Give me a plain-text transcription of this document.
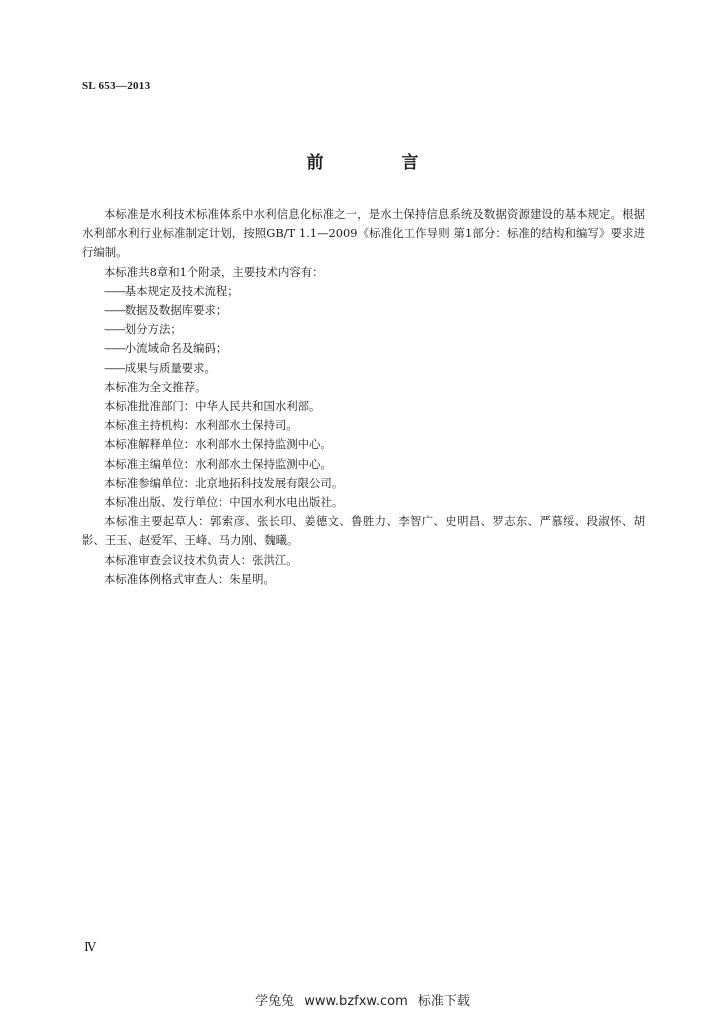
SL 653—2013
前 言

本标准是水利技术标准体系中水利信息化标准之一，是水土保持信息系统及数据资源建设的基本规定。根据水利部水利行业标准制定计划，按照GB/T 1.1—2009《标准化工作导则 第1部分：标准的结构和编写》要求进行编制。

本标准共8章和1个附录，主要技术内容有：

——基本规定及技术流程；

——数据及数据库要求；

——划分方法；

——小流域命名及编码；

——成果与质量要求。

本标准为全文推荐。

本标准批准部门：中华人民共和国水利部。

本标准主持机构：水利部水土保持司。

本标准解释单位：水利部水土保持监测中心。

本标准主编单位：水利部水土保持监测中心。

本标准参编单位：北京地拓科技发展有限公司。

本标准出版、发行单位：中国水利水电出版社。

本标准主要起草人：郭索彦、张长印、姜德文、鲁胜力、李智广、史明昌、罗志东、严慕绥、段淑怀、胡影、王玉、赵爱军、王峰、马力刚、魏曦。

本标准审查会议技术负责人：张洪江。

本标准体例格式审查人：朱星明。

Ⅳ
学兔兔 www.bzfxw.com 标准下载
